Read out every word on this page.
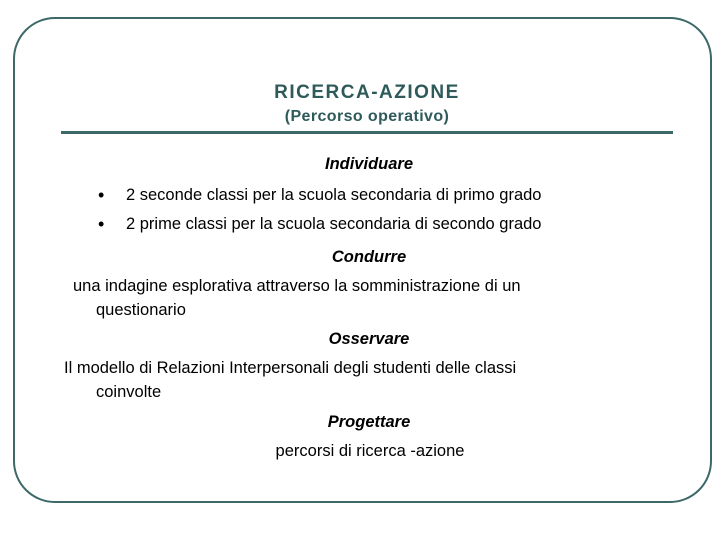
RICERCA-AZIONE
(Percorso operativo)
Individuare
• 2 seconde classi per la scuola secondaria di primo grado
• 2 prime classi per la scuola secondaria di secondo grado
Condurre
una indagine esplorativa attraverso la somministrazione di un
questionario
Osservare
Il modello di Relazioni Interpersonali degli studenti delle classi
coinvolte
Progettare
percorsi di ricerca -azione
